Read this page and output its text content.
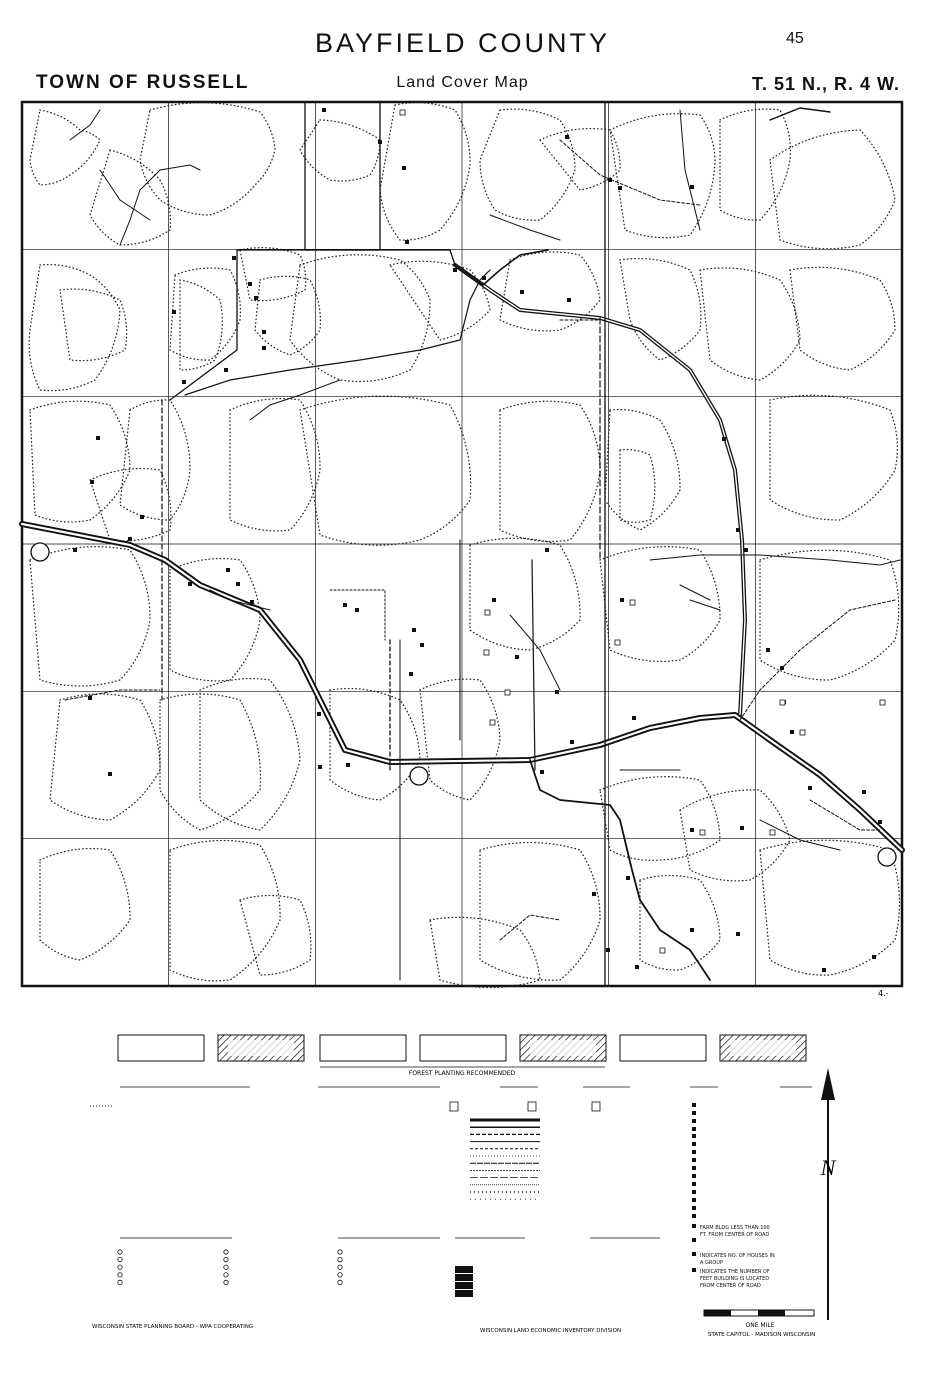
BAYFIELD COUNTY	45
TOWN OF RUSSELL	Land Cover Map	T. 51 N., R. 4 W.
4.-
FOREST PLANTING RECOMMENDED
FARM BLDG LESS THAN 100 FT. FROM CENTER OF ROAD
INDICATES NO. OF HOUSES IN A GROUP
INDICATES THE NUMBER OF FEET BUILDING IS LOCATED FROM CENTER OF ROAD
N
ONE MILE
WISCONSIN STATE PLANNING BOARD - WPA COOPERATING
WISCONSIN LAND ECONOMIC INVENTORY DIVISION
STATE CAPITOL - MADISON WISCONSIN
